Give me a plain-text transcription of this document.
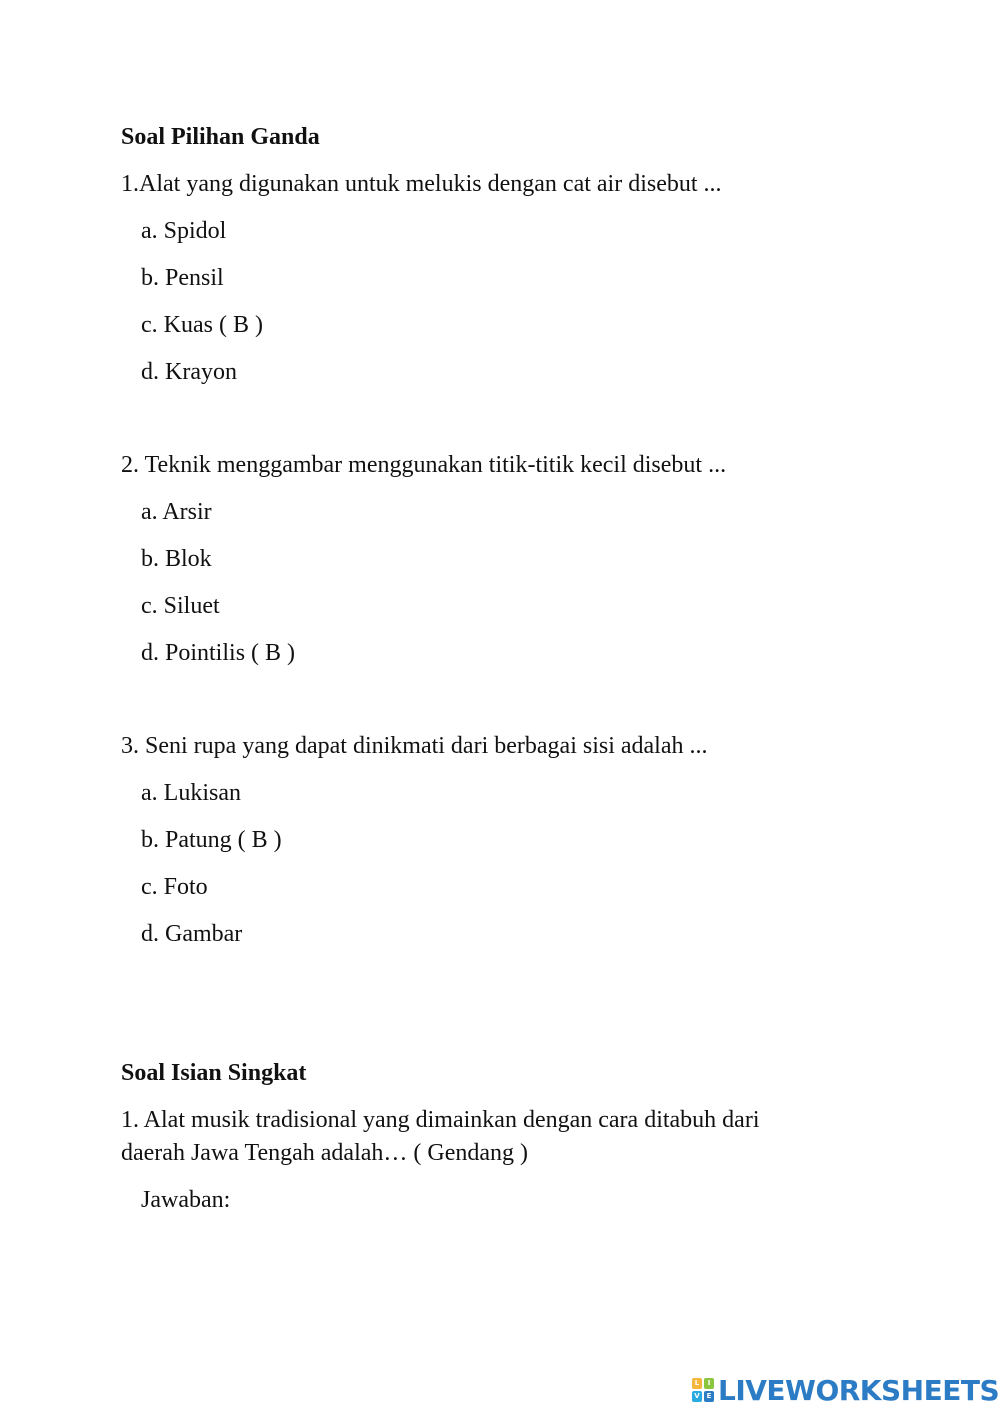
Soal Pilihan Ganda
1.Alat yang digunakan untuk melukis dengan cat air disebut ...
a. Spidol
b. Pensil
c. Kuas ( B )
d. Krayon
2. Teknik menggambar menggunakan titik-titik kecil disebut ...
a. Arsir
b. Blok
c. Siluet
d. Pointilis ( B )
3. Seni rupa yang dapat dinikmati dari berbagai sisi adalah ...
a. Lukisan
b. Patung ( B )
c. Foto
d. Gambar
Soal Isian Singkat
1. Alat musik tradisional yang dimainkan dengan cara ditabuh dari
daerah Jawa Tengah adalah… ( Gendang )
Jawaban:
L	I
V E LIVEWORKSHEETS
